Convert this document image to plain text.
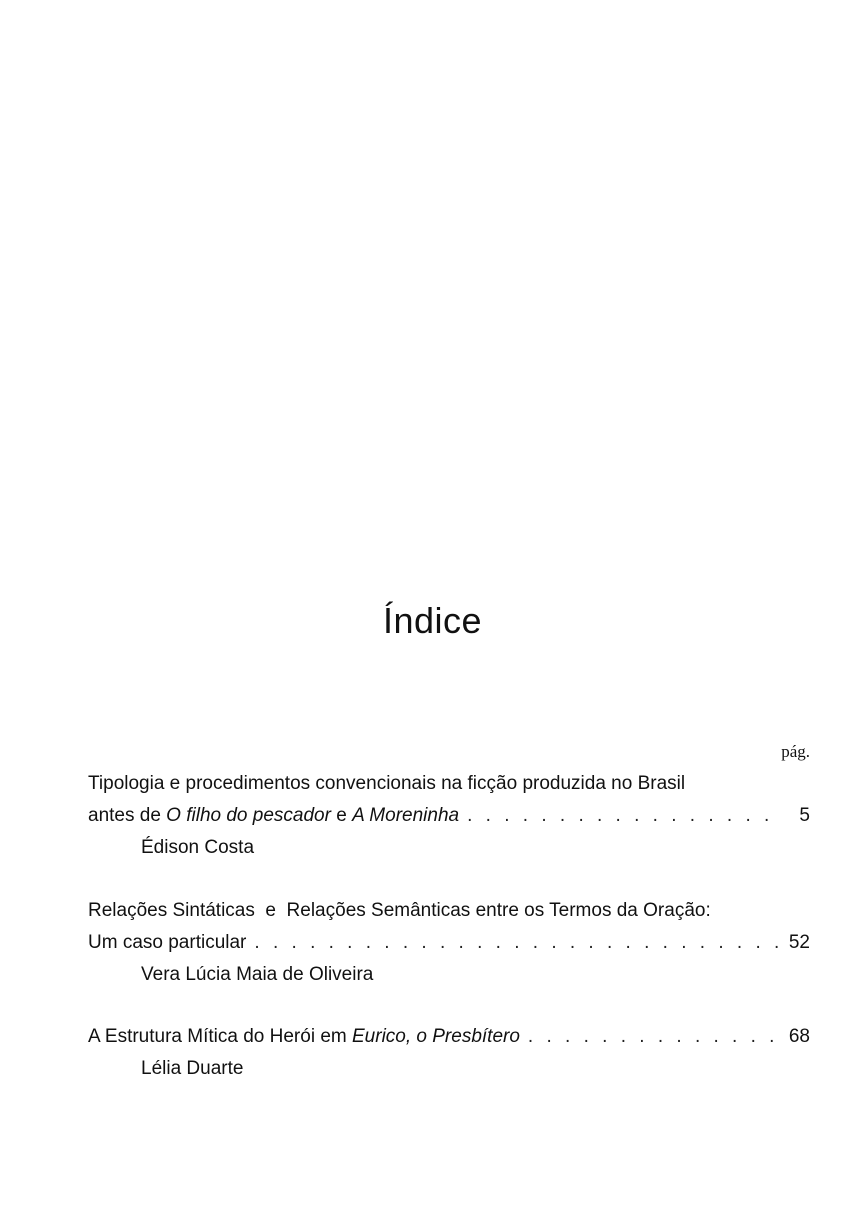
Índice
pág.
Tipologia e procedimentos convencionais na ficção produzida no Brasil
antes de O filho do pescador e A Moreninha . . .	5
Édison Costa
Relações Sintáticas  e  Relações Semânticas entre os Termos da Oração:
Um caso particular . . .	52
Vera Lúcia Maia de Oliveira
A Estrutura Mítica do Herói em Eurico, o Presbítero . . .	68
Lélia Duarte
